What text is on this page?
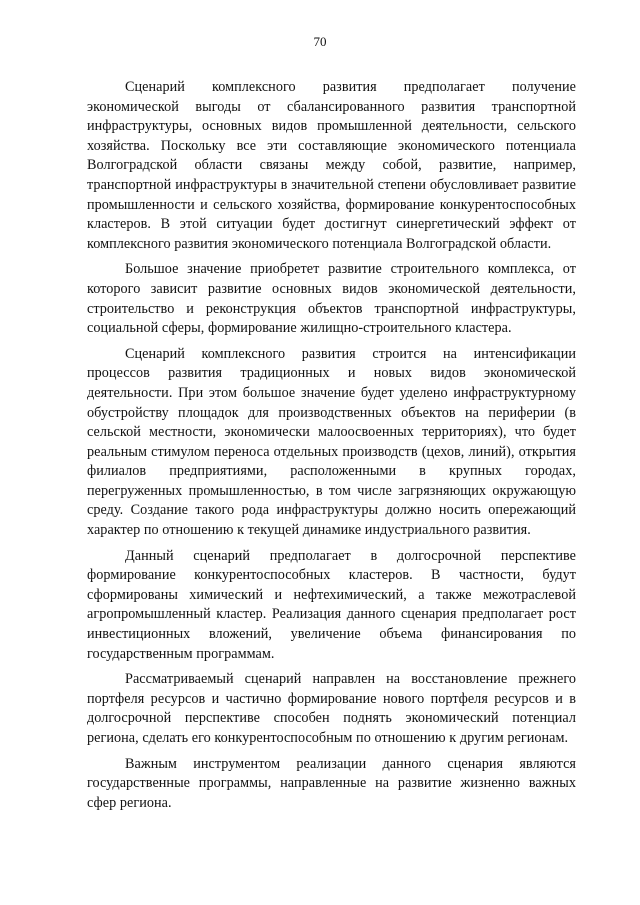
70

Сценарий комплексного развития предполагает получение экономической выгоды от сбалансированного развития транспортной инфраструктуры, основных видов промышленной деятельности, сельского хозяйства. Поскольку все эти составляющие экономического потенциала Волгоградской области связаны между собой, развитие, например, транспортной инфраструктуры в значительной степени обусловливает развитие промышленности и сельского хозяйства, формирование конкурентоспособных кластеров. В этой ситуации будет достигнут синергетический эффект от комплексного развития экономического потенциала Волгоградской области.

Большое значение приобретет развитие строительного комплекса, от которого зависит развитие основных видов экономической деятельности, строительство и реконструкция объектов транспортной инфраструктуры, социальной сферы, формирование жилищно-строительного кластера.

Сценарий комплексного развития строится на интенсификации процессов развития традиционных и новых видов экономической деятельности. При этом большое значение будет уделено инфраструктурному обустройству площадок для производственных объектов на периферии (в сельской местности, экономически малоосвоенных территориях), что будет реальным стимулом переноса отдельных производств (цехов, линий), открытия филиалов предприятиями, расположенными в крупных городах, перегруженных промышленностью, в том числе загрязняющих окружающую среду. Создание такого рода инфраструктуры должно носить опережающий характер по отношению к текущей динамике индустриального развития.

Данный сценарий предполагает в долгосрочной перспективе формирование конкурентоспособных кластеров. В частности, будут сформированы химический и нефтехимический, а также межотраслевой агропромышленный кластер. Реализация данного сценария предполагает рост инвестиционных вложений, увеличение объема финансирования по государственным программам.

Рассматриваемый сценарий направлен на восстановление прежнего портфеля ресурсов и частично формирование нового портфеля ресурсов и в долгосрочной перспективе способен поднять экономический потенциал региона, сделать его конкурентоспособным по отношению к другим регионам.

Важным инструментом реализации данного сценария являются государственные программы, направленные на развитие жизненно важных сфер региона.
